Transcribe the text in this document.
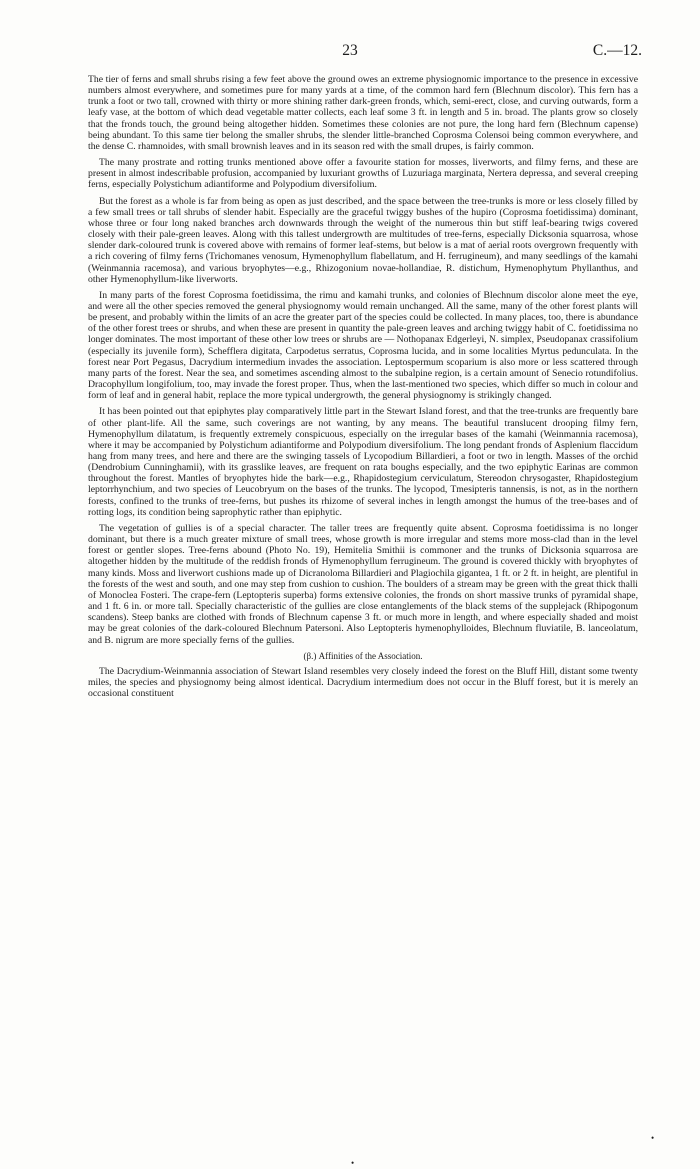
23	C.—12.

The tier of ferns and small shrubs rising a few feet above the ground owes an extreme physiognomic importance to the presence in excessive numbers almost everywhere, and sometimes pure for many yards at a time, of the common hard fern (Blechnum discolor). This fern has a trunk a foot or two tall, crowned with thirty or more shining rather dark-green fronds, which, semi-erect, close, and curving outwards, form a leafy vase, at the bottom of which dead vegetable matter collects, each leaf some 3 ft. in length and 5 in. broad. The plants grow so closely that the fronds touch, the ground being altogether hidden. Sometimes these colonies are not pure, the long hard fern (Blechnum capense) being abundant. To this same tier belong the smaller shrubs, the slender little-branched Coprosma Colensoi being common everywhere, and the dense C. rhamnoides, with small brownish leaves and in its season red with the small drupes, is fairly common.

The many prostrate and rotting trunks mentioned above offer a favourite station for mosses, liverworts, and filmy ferns, and these are present in almost indescribable profusion, accompanied by luxuriant growths of Luzuriaga marginata, Nertera depressa, and several creeping ferns, especially Polystichum adiantiforme and Polypodium diversifolium.

But the forest as a whole is far from being as open as just described, and the space between the tree-trunks is more or less closely filled by a few small trees or tall shrubs of slender habit. Especially are the graceful twiggy bushes of the hupiro (Coprosma foetidissima) dominant, whose three or four long naked branches arch downwards through the weight of the numerous thin but stiff leaf-bearing twigs covered closely with their pale-green leaves. Along with this tallest undergrowth are multitudes of tree-ferns, especially Dicksonia squarrosa, whose slender dark-coloured trunk is covered above with remains of former leaf-stems, but below is a mat of aerial roots overgrown frequently with a rich covering of filmy ferns (Trichomanes venosum, Hymenophyllum flabellatum, and H. ferrugineum), and many seedlings of the kamahi (Weinmannia racemosa), and various bryophytes—e.g., Rhizogonium novae-hollandiae, R. distichum, Hymenophytum Phyllanthus, and other Hymenophyllum-like liverworts.

In many parts of the forest Coprosma foetidissima, the rimu and kamahi trunks, and colonies of Blechnum discolor alone meet the eye, and were all the other species removed the general physiognomy would remain unchanged. All the same, many of the other forest plants will be present, and probably within the limits of an acre the greater part of the species could be collected. In many places, too, there is abundance of the other forest trees or shrubs, and when these are present in quantity the pale-green leaves and arching twiggy habit of C. foetidissima no longer dominates. The most important of these other low trees or shrubs are — Nothopanax Edgerleyi, N. simplex, Pseudopanax crassifolium (especially its juvenile form), Schefflera digitata, Carpodetus serratus, Coprosma lucida, and in some localities Myrtus pedunculata. In the forest near Port Pegasus, Dacrydium intermedium invades the association. Leptospermum scoparium is also more or less scattered through many parts of the forest. Near the sea, and sometimes ascending almost to the subalpine region, is a certain amount of Senecio rotundifolius. Dracophyllum longifolium, too, may invade the forest proper. Thus, when the last-mentioned two species, which differ so much in colour and form of leaf and in general habit, replace the more typical undergrowth, the general physiognomy is strikingly changed.

It has been pointed out that epiphytes play comparatively little part in the Stewart Island forest, and that the tree-trunks are frequently bare of other plant-life. All the same, such coverings are not wanting, by any means. The beautiful translucent drooping filmy fern, Hymenophyllum dilatatum, is frequently extremely conspicuous, especially on the irregular bases of the kamahi (Weinmannia racemosa), where it may be accompanied by Polystichum adiantiforme and Polypodium diversifolium. The long pendant fronds of Asplenium flaccidum hang from many trees, and here and there are the swinging tassels of Lycopodium Billardieri, a foot or two in length. Masses of the orchid (Dendrobium Cunninghamii), with its grasslike leaves, are frequent on rata boughs especially, and the two epiphytic Earinas are common throughout the forest. Mantles of bryophytes hide the bark—e.g., Rhapidostegium cerviculatum, Stereodon chrysogaster, Rhapidostegium leptorrhynchium, and two species of Leucobryum on the bases of the trunks. The lycopod, Tmesipteris tannensis, is not, as in the northern forests, confined to the trunks of tree-ferns, but pushes its rhizome of several inches in length amongst the humus of the tree-bases and of rotting logs, its condition being saprophytic rather than epiphytic.

The vegetation of gullies is of a special character. The taller trees are frequently quite absent. Coprosma foetidissima is no longer dominant, but there is a much greater mixture of small trees, whose growth is more irregular and stems more moss-clad than in the level forest or gentler slopes. Tree-ferns abound (Photo No. 19), Hemitelia Smithii is commoner and the trunks of Dicksonia squarrosa are altogether hidden by the multitude of the reddish fronds of Hymenophyllum ferrugineum. The ground is covered thickly with bryophytes of many kinds. Moss and liverwort cushions made up of Dicranoloma Billardieri and Plagiochila gigantea, 1 ft. or 2 ft. in height, are plentiful in the forests of the west and south, and one may step from cushion to cushion. The boulders of a stream may be green with the great thick thalli of Monoclea Fosteri. The crape-fern (Leptopteris superba) forms extensive colonies, the fronds on short massive trunks of pyramidal shape, and 1 ft. 6 in. or more tall. Specially characteristic of the gullies are close entanglements of the black stems of the supplejack (Rhipogonum scandens). Steep banks are clothed with fronds of Blechnum capense 3 ft. or much more in length, and where especially shaded and moist may be great colonies of the dark-coloured Blechnum Patersoni. Also Leptopteris hymenophylloides, Blechnum fluviatile, B. lanceolatum, and B. nigrum are more specially ferns of the gullies.

(β.) Affinities of the Association.

The Dacrydium-Weinmannia association of Stewart Island resembles very closely indeed the forest on the Bluff Hill, distant some twenty miles, the species and physiognomy being almost identical. Dacrydium intermedium does not occur in the Bluff forest, but it is merely an occasional constituent

•
•
